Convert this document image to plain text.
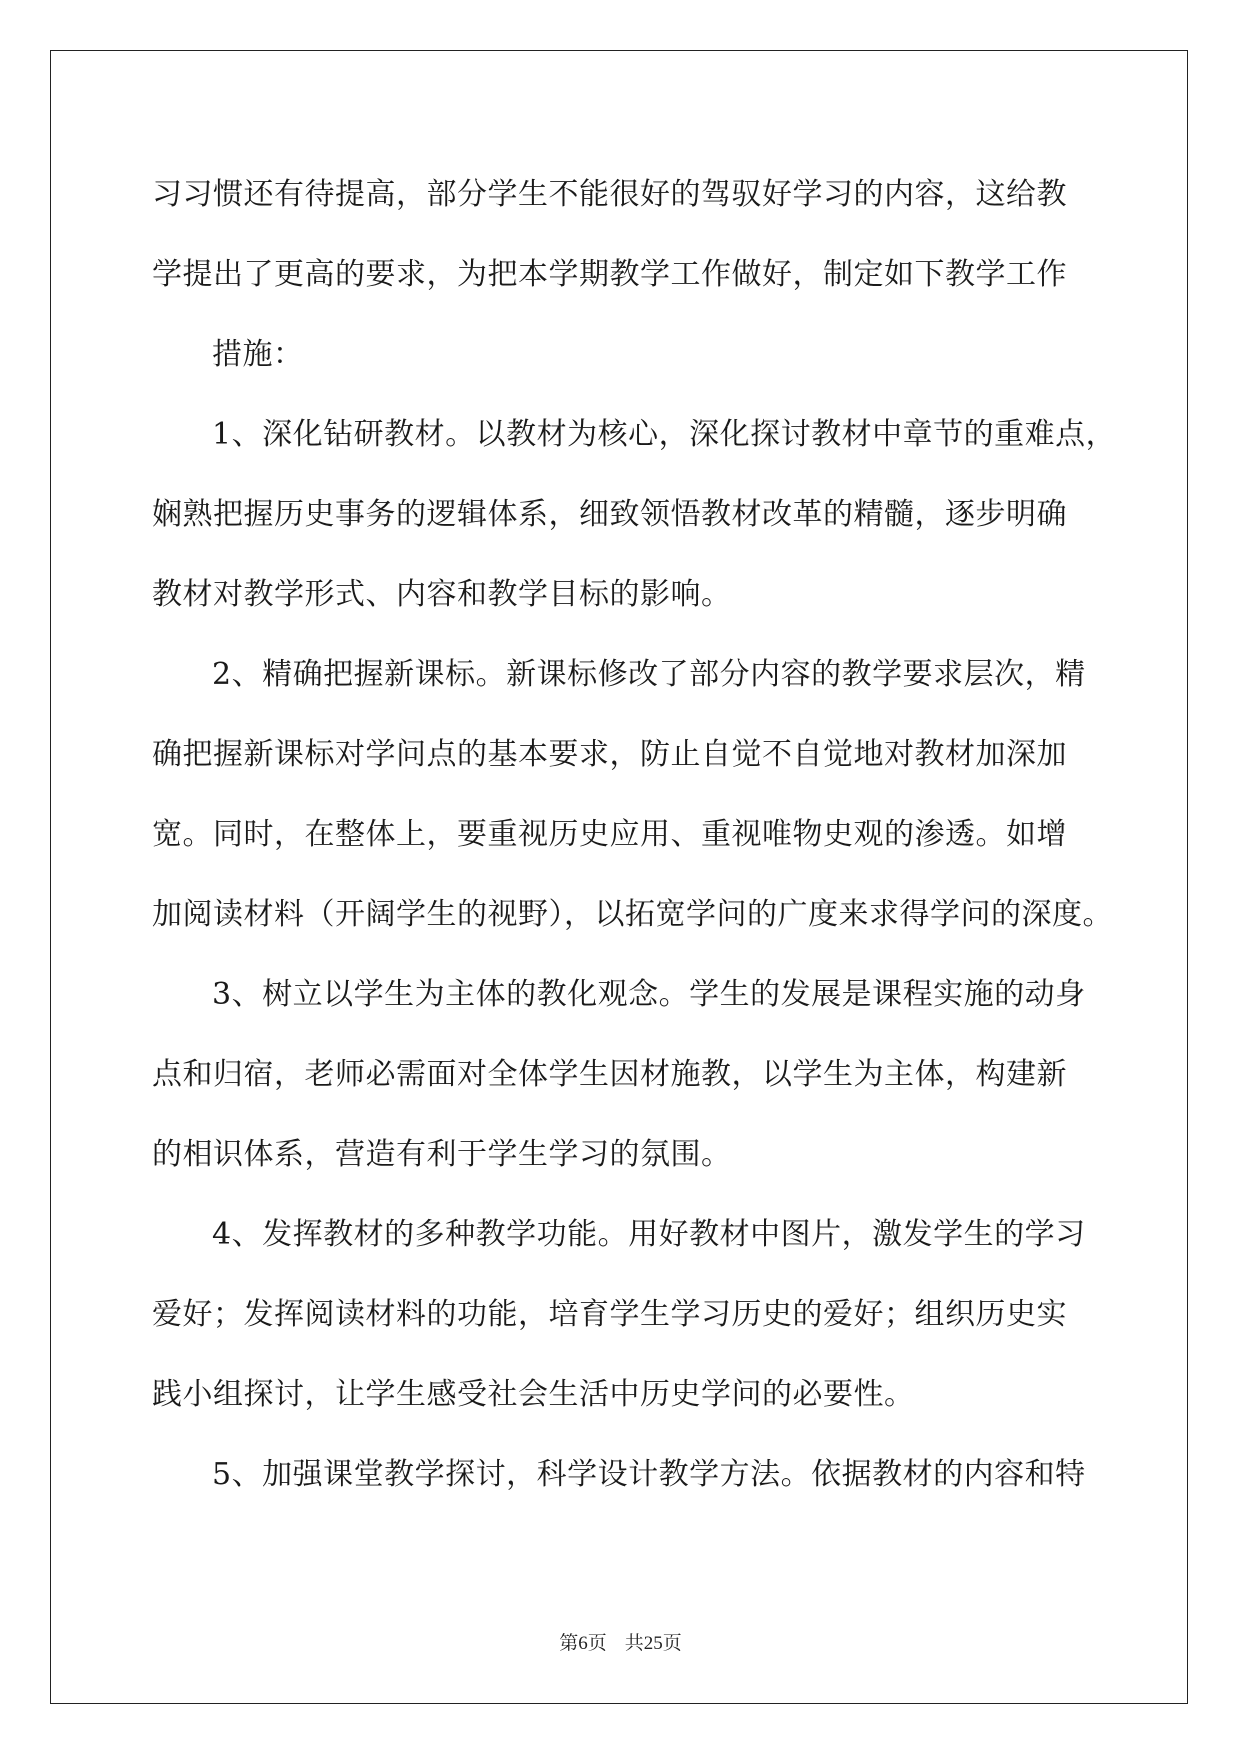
习习惯还有待提高，部分学生不能很好的驾驭好学习的内容，这给教

学提出了更高的要求，为把本学期教学工作做好，制定如下教学工作

措施：

1、深化钻研教材。以教材为核心，深化探讨教材中章节的重难点，

娴熟把握历史事务的逻辑体系，细致领悟教材改革的精髓，逐步明确

教材对教学形式、内容和教学目标的影响。

2、精确把握新课标。新课标修改了部分内容的教学要求层次，精

确把握新课标对学问点的基本要求，防止自觉不自觉地对教材加深加

宽。同时，在整体上，要重视历史应用、重视唯物史观的渗透。如增

加阅读材料（开阔学生的视野），以拓宽学问的广度来求得学问的深度。

3、树立以学生为主体的教化观念。学生的发展是课程实施的动身

点和归宿，老师必需面对全体学生因材施教，以学生为主体，构建新

的相识体系，营造有利于学生学习的氛围。

4、发挥教材的多种教学功能。用好教材中图片，激发学生的学习

爱好；发挥阅读材料的功能，培育学生学习历史的爱好；组织历史实

践小组探讨，让学生感受社会生活中历史学问的必要性。

5、加强课堂教学探讨，科学设计教学方法。依据教材的内容和特

第6页 共25页
